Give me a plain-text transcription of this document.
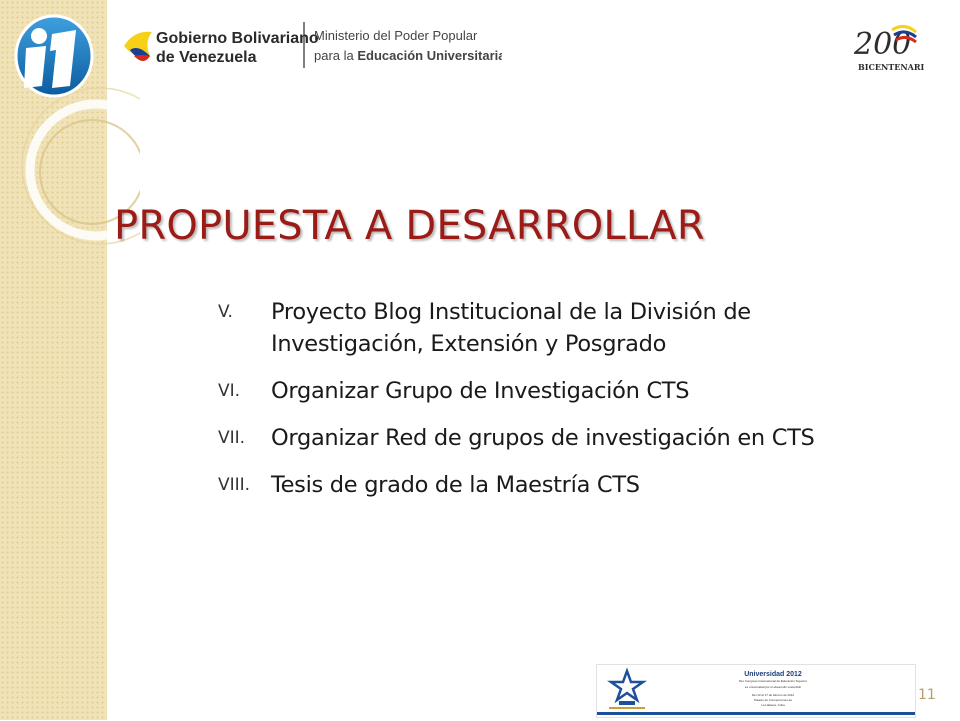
Gobierno Bolivariano
de Venezuela
Ministerio del Poder Popular
para la Educación Universitaria	200
BICENTENARIO
PROPUESTA A DESARROLLAR
V.	Proyecto Blog Institucional de la División de
Investigación, Extensión y Posgrado
VI.	Organizar Grupo de Investigación CTS
VII.	Organizar Red de grupos de investigación en CTS
VIII. Tesis de grado de la Maestría CTS
Universidad 2012
8vo Congreso Internacional de Educación Superior
La universidad por el desarrollo sostenible
Del 13 al 17 de febrero de 2012
Palacio de Convenciones de
La Habana, Cuba
11
